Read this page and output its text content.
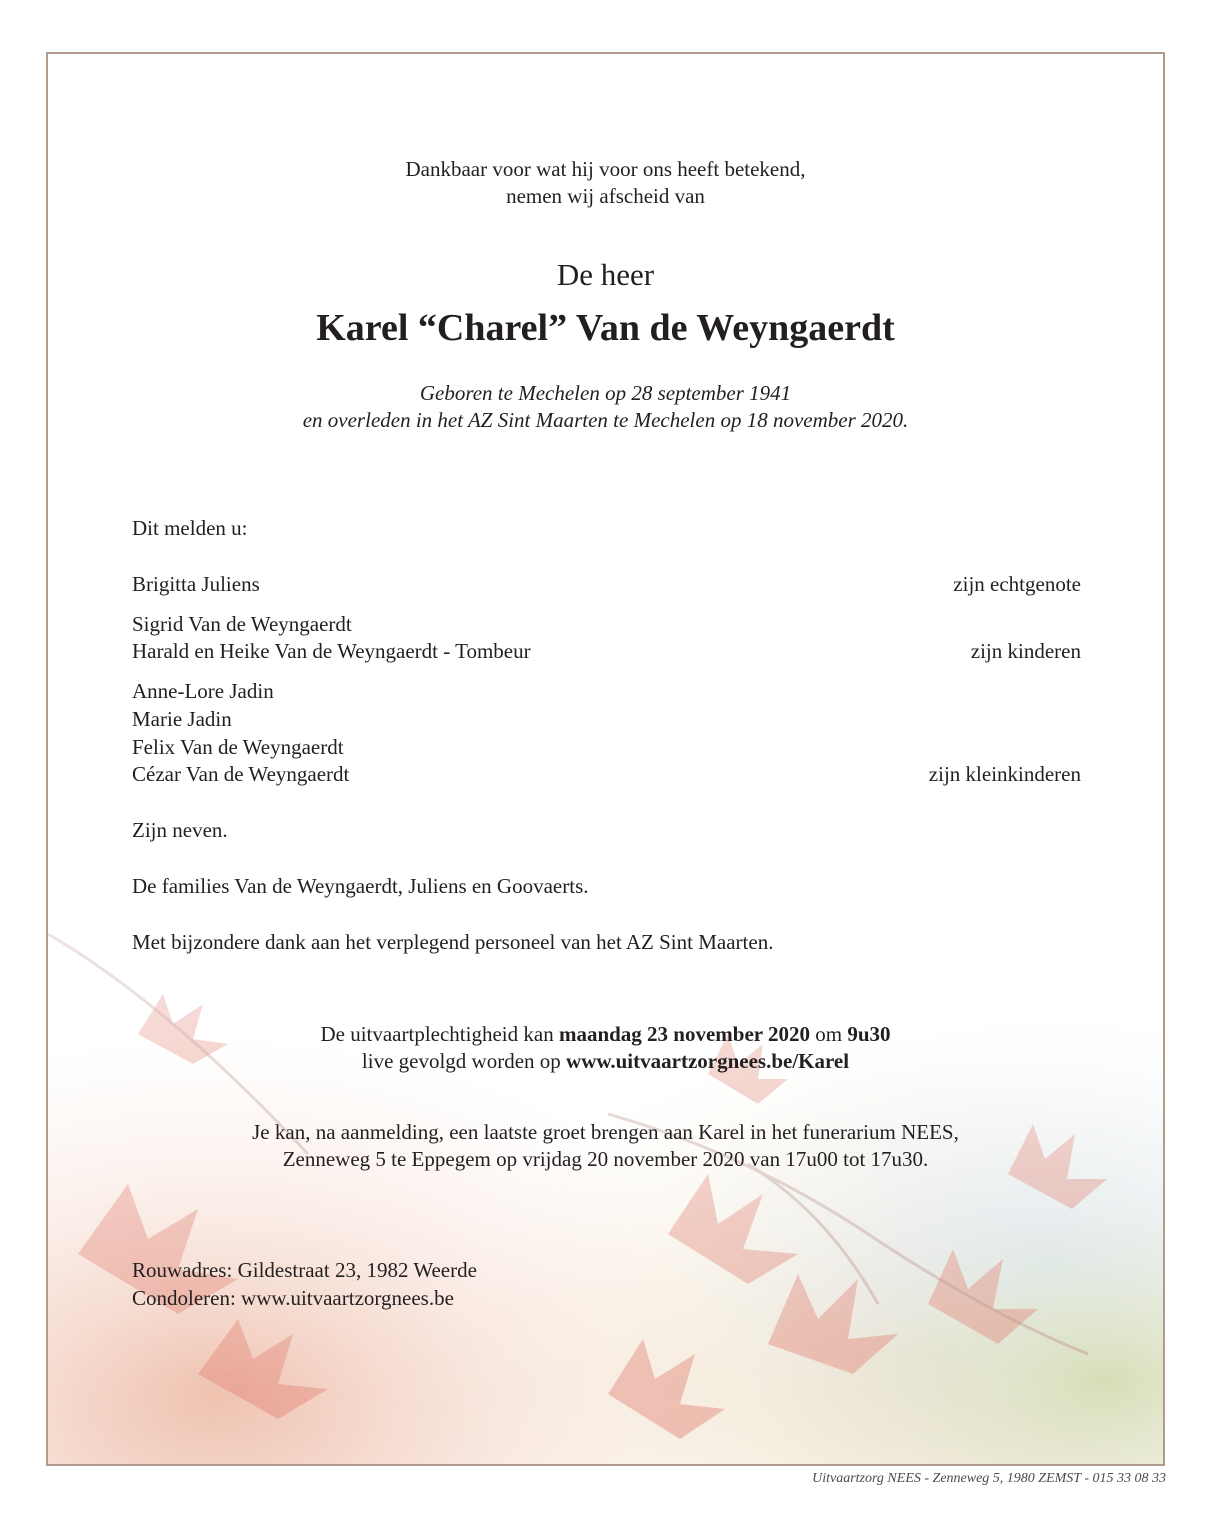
Dankbaar voor wat hij voor ons heeft betekend,
nemen wij afscheid van
De heer
Karel “Charel” Van de Weyngaerdt
Geboren te Mechelen op 28 september 1941
en overleden in het AZ Sint Maarten te Mechelen op 18 november 2020.
Dit melden u:
Brigitta Juliens	zijn echtgenote
Sigrid Van de Weyngaerdt
Harald en Heike Van de Weyngaerdt - Tombeur	zijn kinderen
Anne-Lore Jadin
Marie Jadin
Felix Van de Weyngaerdt
Cézar Van de Weyngaerdt	zijn kleinkinderen
Zijn neven.
De families Van de Weyngaerdt, Juliens en Goovaerts.
Met bijzondere dank aan het verplegend personeel van het AZ Sint Maarten.
De uitvaartplechtigheid kan maandag 23 november 2020 om 9u30
live gevolgd worden op www.uitvaartzorgnees.be/Karel
Je kan, na aanmelding, een laatste groet brengen aan Karel in het funerarium NEES,
Zenneweg 5 te Eppegem op vrijdag 20 november 2020 van 17u00 tot 17u30.
Rouwadres: Gildestraat 23, 1982 Weerde
Condoleren: www.uitvaartzorgnees.be
Uitvaartzorg NEES - Zenneweg 5, 1980 ZEMST - 015 33 08 33
